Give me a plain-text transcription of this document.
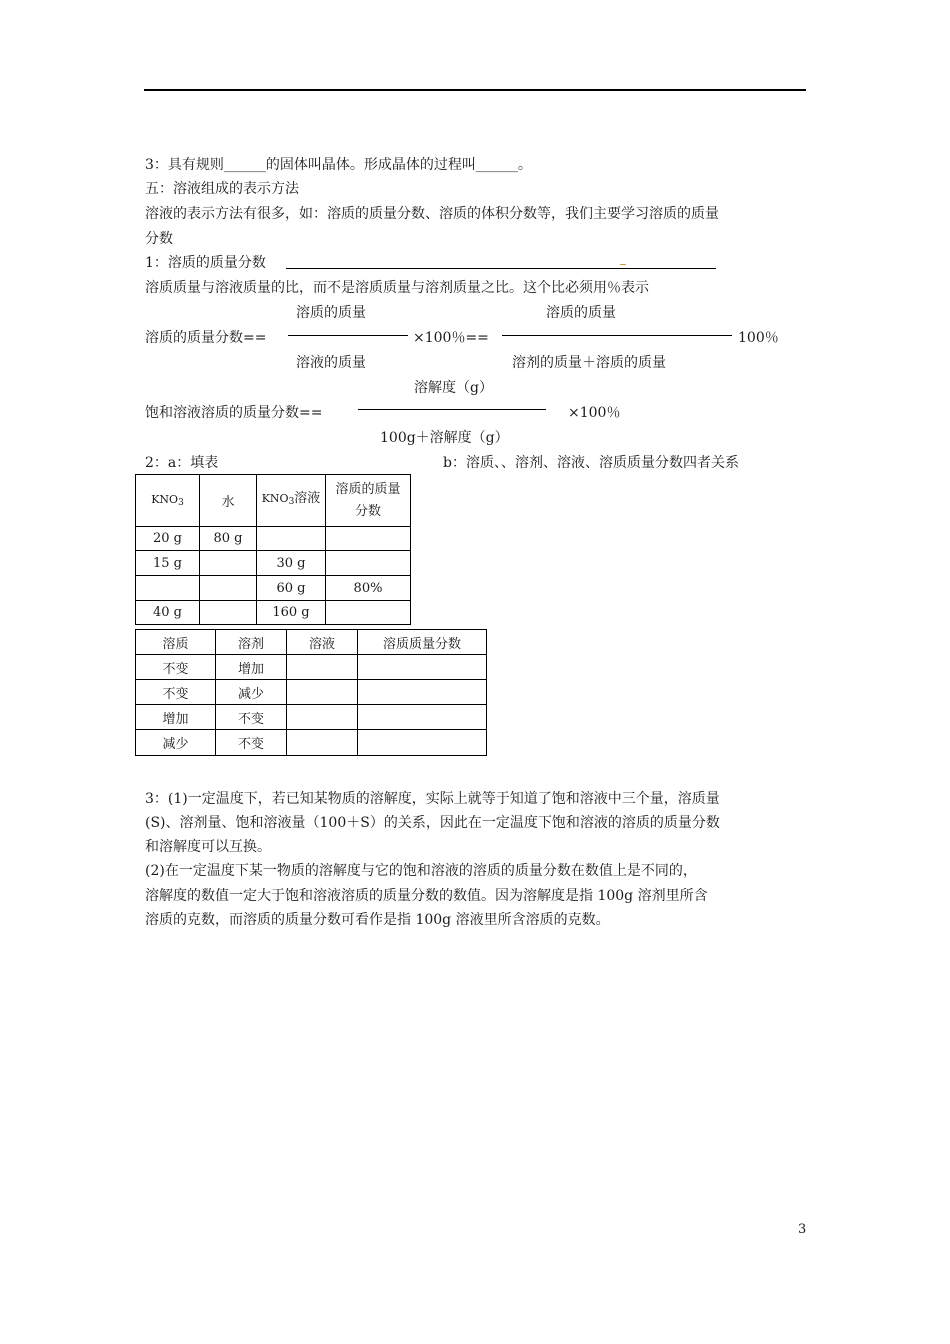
3：具有规则______的固体叫晶体。形成晶体的过程叫______。
五：溶液组成的表示方法
溶液的表示方法有很多，如：溶质的质量分数、溶质的体积分数等，我们主要学习溶质的质量
分数
1：溶质的质量分数
溶质质量与溶液质量的比，而不是溶质质量与溶剂质量之比。这个比必须用％表示
溶质的质量	溶质的质量
溶质的质量分数==	×100％==	100％
溶液的质量	溶剂的质量＋溶质的质量
溶解度（g）
饱和溶液溶质的质量分数==	×100％
100g＋溶解度（g）
2：a：填表	b：溶质、、溶剂、溶液、溶质质量分数四者关系
$KNO_3$	水	$KNO_3$溶液	溶质的质量分数
20 g	80 g		
15 g		30 g	
		60 g	80%
40 g		160 g	
溶质	溶剂	溶液	溶质质量分数
不变	增加		
不变	减少		
增加	不变		
减少	不变		
3：(1)一定温度下，若已知某物质的溶解度，实际上就等于知道了饱和溶液中三个量，溶质量
(S)、溶剂量、饱和溶液量（100＋S）的关系，因此在一定温度下饱和溶液的溶质的质量分数
和溶解度可以互换。
(2)在一定温度下某一物质的溶解度与它的饱和溶液的溶质的质量分数在数值上是不同的，
溶解度的数值一定大于饱和溶液溶质的质量分数的数值。因为溶解度是指 100g 溶剂里所含
溶质的克数，而溶质的质量分数可看作是指 100g 溶液里所含溶质的克数。
3
